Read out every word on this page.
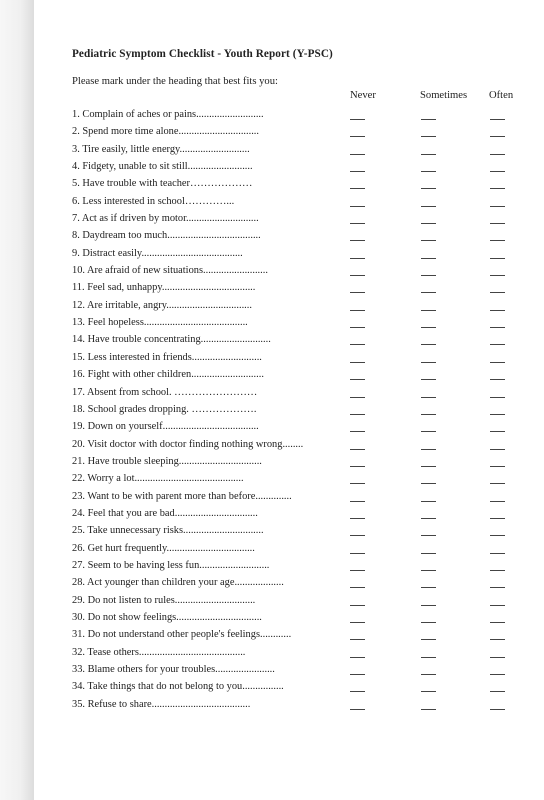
Pediatric Symptom Checklist - Youth Report (Y-PSC)
Please mark under the heading that best fits you:
Never	Sometimes Often
1. Complain of aches or pains..........................
2. Spend more time alone...............................
3. Tire easily, little energy...........................
4. Fidgety, unable to sit still.........................
5. Have trouble with teacher………………
6. Less interested in school…………...
7. Act as if driven by motor............................
8. Daydream too much....................................
9. Distract easily.......................................
10. Are afraid of new situations.........................
11. Feel sad, unhappy....................................
12. Are irritable, angry.................................
13. Feel hopeless........................................
14. Have trouble concentrating...........................
15. Less interested in friends...........................
16. Fight with other children............................
17. Absent from school. ……………………
18. School grades dropping. ……………….
19. Down on yourself.....................................
20. Visit doctor with doctor finding nothing wrong........
21. Have trouble sleeping................................
22. Worry a lot..........................................
23. Want to be with parent more than before..............
24. Feel that you are bad................................
25. Take unnecessary risks...............................
26. Get hurt frequently..................................
27. Seem to be having less fun...........................
28. Act younger than children your age...................
29. Do not listen to rules...............................
30. Do not show feelings.................................
31. Do not understand other people's feelings............
32. Tease others.........................................
33. Blame others for your troubles.......................
34. Take things that do not belong to you................
35. Refuse to share......................................
